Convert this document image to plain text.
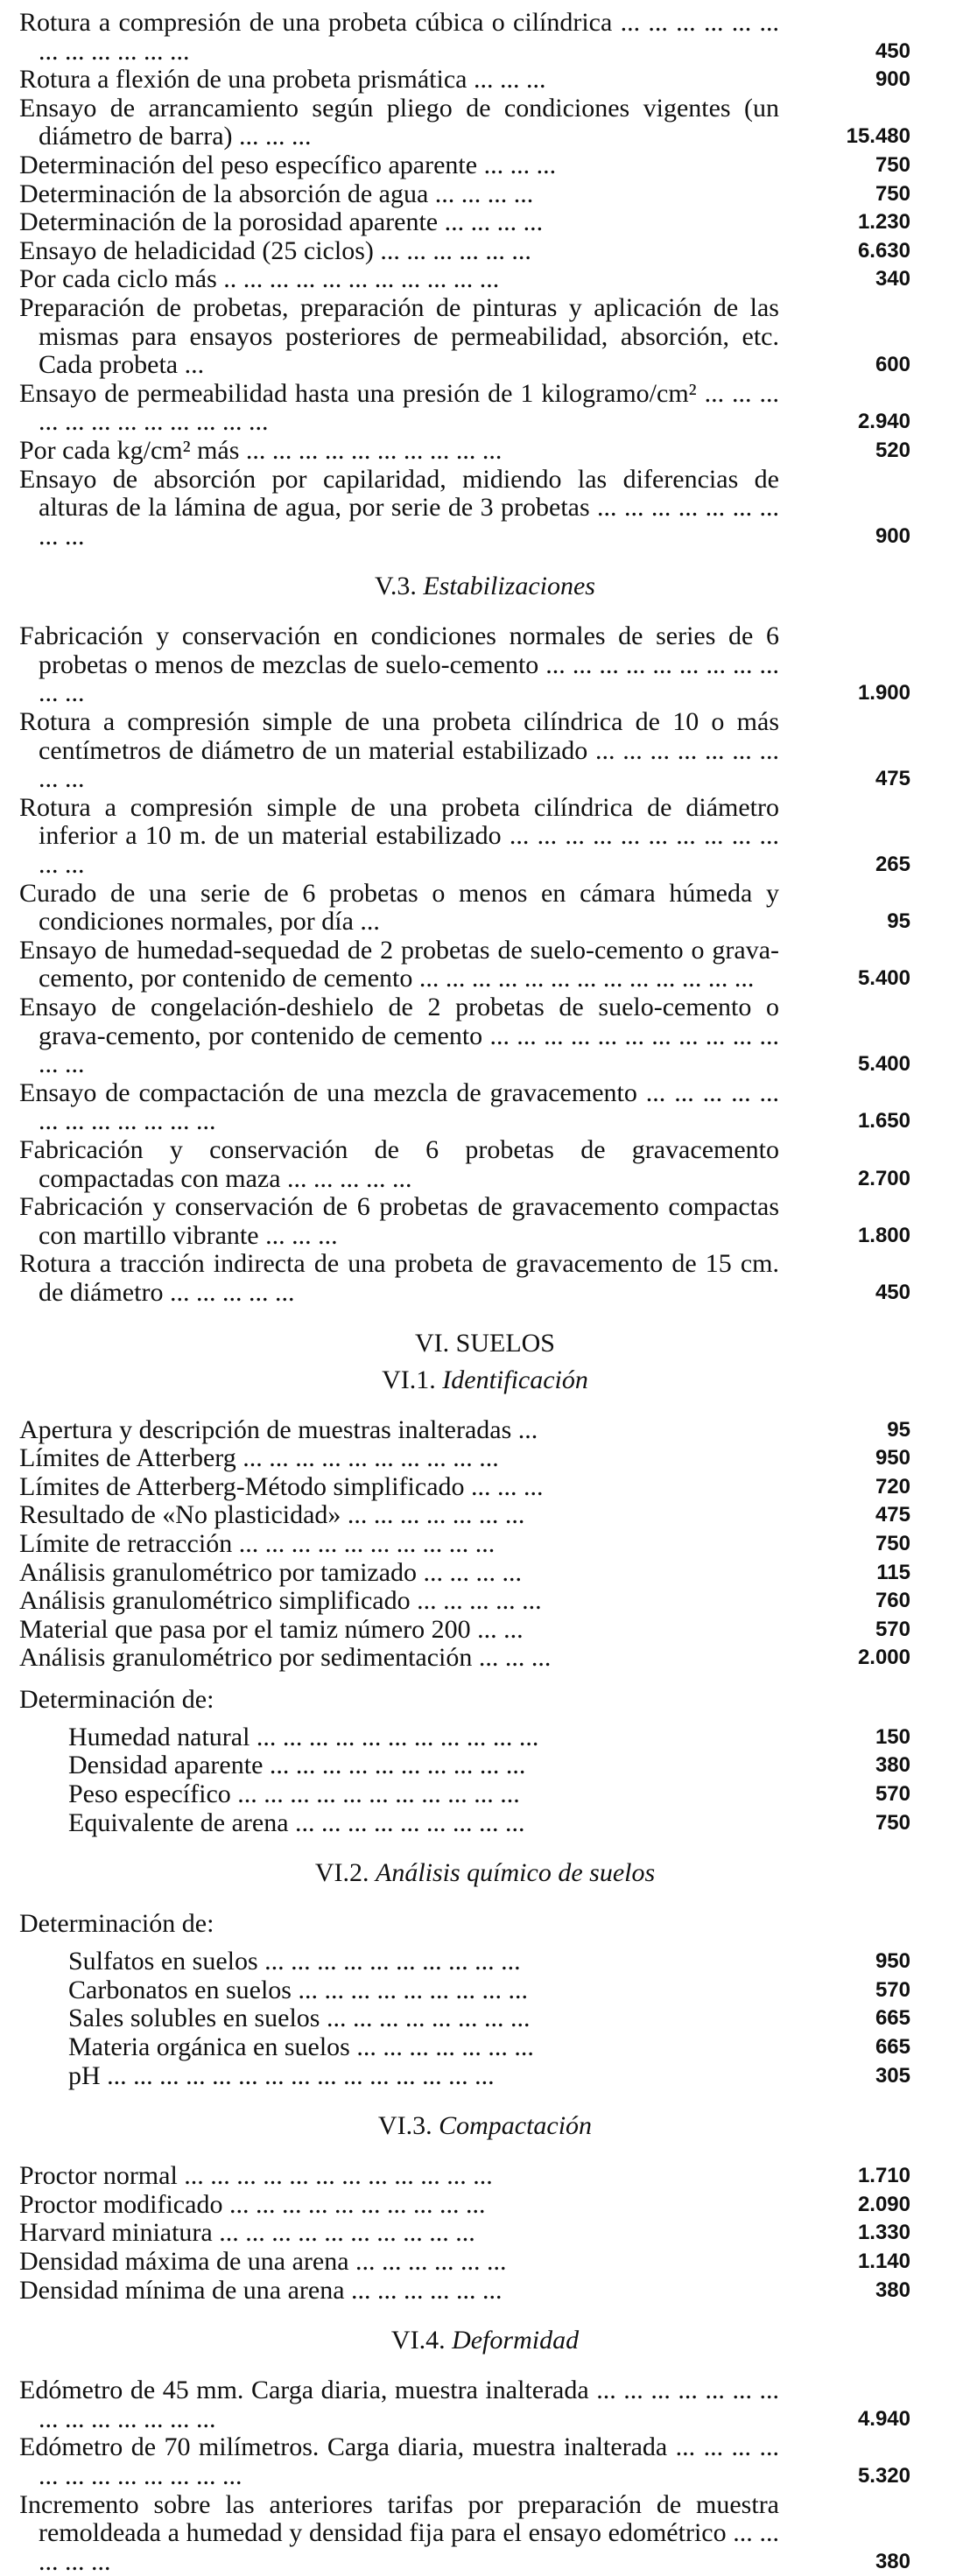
Rotura a compresión de una probeta cúbica o cilíndrica ... ... ... ... ... ... ... ... ... ... ... ...	450
Rotura a flexión de una probeta prismática ... ... ...	900
Ensayo de arrancamiento según pliego de condiciones vigentes (un diámetro de barra) ... ... ...	15.480
Determinación del peso específico aparente ... ... ...	750
Determinación de la absorción de agua ... ... ... ...	750
Determinación de la porosidad aparente ... ... ... ...	1.230
Ensayo de heladicidad (25 ciclos) ... ... ... ... ... ...	6.630
Por cada ciclo más .. ... ... ... ... ... ... ... ... ... ...	340
Preparación de probetas, preparación de pinturas y aplicación de las mismas para ensayos posteriores de permeabilidad, absorción, etc. Cada probeta ...	600
Ensayo de permeabilidad hasta una presión de 1 kilogramo/cm² ... ... ... ... ... ... ... ... ... ... ... ...	2.940
Por cada kg/cm² más ... ... ... ... ... ... ... ... ... ...	520
Ensayo de absorción por capilaridad, midiendo las diferencias de alturas de la lámina de agua, por serie de 3 probetas ... ... ... ... ... ... ... ... ...	900
V.3. Estabilizaciones
Fabricación y conservación en condiciones normales de series de 6 probetas o menos de mezclas de suelo-cemento ... ... ... ... ... ... ... ... ... ... ...	1.900
Rotura a compresión simple de una probeta cilíndrica de 10 o más centímetros de diámetro de un material estabilizado ... ... ... ... ... ... ... ... ...	475
Rotura a compresión simple de una probeta cilíndrica de diámetro inferior a 10 m. de un material estabilizado ... ... ... ... ... ... ... ... ... ... ... ...	265
Curado de una serie de 6 probetas o menos en cámara húmeda y condiciones normales, por día ...	95
Ensayo de humedad-sequedad de 2 probetas de suelo-cemento o grava-cemento, por contenido de cemento ... ... ... ... ... ... ... ... ... ... ... ... ...	5.400
Ensayo de congelación-deshielo de 2 probetas de suelo-cemento o grava-cemento, por contenido de cemento ... ... ... ... ... ... ... ... ... ... ... ... ...	5.400
Ensayo de compactación de una mezcla de gravacemento ... ... ... ... ... ... ... ... ... ... ... ...	1.650
Fabricación y conservación de 6 probetas de gravacemento compactadas con maza ... ... ... ... ...	2.700
Fabricación y conservación de 6 probetas de gravacemento compactas con martillo vibrante ... ... ...	1.800
Rotura a tracción indirecta de una probeta de gravacemento de 15 cm. de diámetro ... ... ... ... ...	450
VI. SUELOS
VI.1. Identificación
Apertura y descripción de muestras inalteradas ...	95
Límites de Atterberg ... ... ... ... ... ... ... ... ... ...	950
Límites de Atterberg-Método simplificado ... ... ...	720
Resultado de «No plasticidad» ... ... ... ... ... ... ...	475
Límite de retracción ... ... ... ... ... ... ... ... ... ...	750
Análisis granulométrico por tamizado ... ... ... ...	115
Análisis granulométrico simplificado ... ... ... ... ...	760
Material que pasa por el tamiz número 200 ... ...	570
Análisis granulométrico por sedimentación ... ... ...	2.000
Determinación de:
Humedad natural ... ... ... ... ... ... ... ... ... ... ...	150
Densidad aparente ... ... ... ... ... ... ... ... ... ...	380
Peso específico ... ... ... ... ... ... ... ... ... ... ...	570
Equivalente de arena ... ... ... ... ... ... ... ... ...	750
VI.2. Análisis químico de suelos
Determinación de:
Sulfatos en suelos ... ... ... ... ... ... ... ... ... ...	950
Carbonatos en suelos ... ... ... ... ... ... ... ... ...	570
Sales solubles en suelos ... ... ... ... ... ... ... ...	665
Materia orgánica en suelos ... ... ... ... ... ... ...	665
pH ... ... ... ... ... ... ... ... ... ... ... ... ... ... ...	305
VI.3. Compactación
Proctor normal ... ... ... ... ... ... ... ... ... ... ... ...	1.710
Proctor modificado ... ... ... ... ... ... ... ... ... ...	2.090
Harvard miniatura ... ... ... ... ... ... ... ... ... ...	1.330
Densidad máxima de una arena ... ... ... ... ... ...	1.140
Densidad mínima de una arena ... ... ... ... ... ...	380
VI.4. Deformidad
Edómetro de 45 mm. Carga diaria, muestra inalterada ... ... ... ... ... ... ... ... ... ... ... ... ... ...	4.940
Edómetro de 70 milímetros. Carga diaria, muestra inalterada ... ... ... ... ... ... ... ... ... ... ... ...	5.320
Incremento sobre las anteriores tarifas por preparación de muestra remoldeada a humedad y densidad fija para el ensayo edométrico ... ... ... ... ...	380
